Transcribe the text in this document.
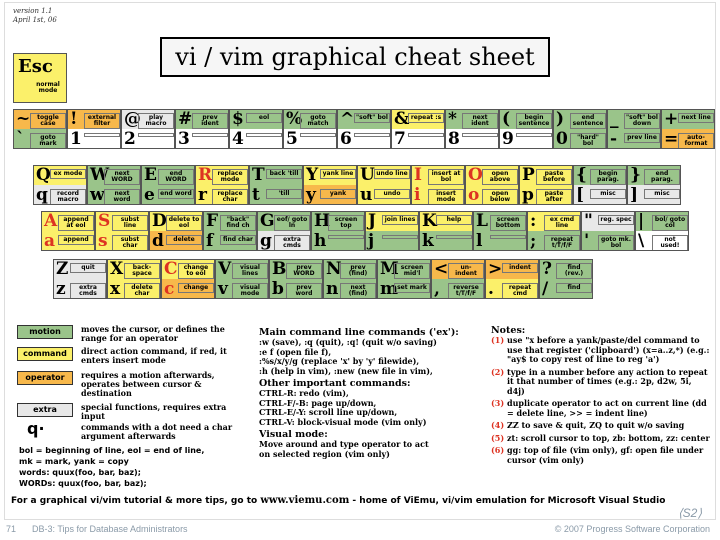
version 1.1
April 1st, 06
vi / vim graphical cheat sheet
~	toggle case
`	goto mark
!	external filter
1
@	play macro
2
#	prev ident
3
$	eol
4
%	goto match
5
^ "soft" bol
6
& repeat :s
7
*	next ident
8
(	begin sentence
9
)	end sentence
0	"hard" bol
_	"soft" bol down
-	prev line
+ next line
=	auto-format
Q ex mode
q	record macro
W next WORD
w	next word
E	end WORD
e end word
R replace mode
r	replace char
T back 'till
t	'till
Y yank line
y	yank
U undo line
u	undo
I	insert at bol
i	insert mode
O	open above
o	open below
P	paste before
p	paste after
{	begin parag.
[	misc
}	end parag.
]	misc
A	append at eol
a	append
S	subst line
s	subst char
D delete to eol
d	delete
F	"back" find ch
f	find char
G eof/ goto ln
g	extra cmds
H screen top
h
J	join lines
j
K	help
k
L	screen bottom
l
:	ex cmd line
;	repeat t/T/f/F
"	reg. spec
'	goto mk. bol
|	bol/ goto col
\	not used!
Z	quit
z	extra cmds
X	back-space
x	delete char
C	change to eol
c	change
V	visual lines
v	visual mode
B	prev WORD
b	prev word
N	prev (find)
n	next (find)
M screen mid'l
m set mark
<	un-indent
,	reverse t/T/f/F
>	indent
.	repeat cmd
?	find (rev.)
/	find
Esc
normal mode
motion	moves the cursor, or defines the range for an operator
command	direct action command, if red, it enters insert mode
operator	requires a motion afterwards, operates between cursor & destination
extra	special functions, requires extra input
q·	commands with a dot need a char argument afterwards
bol = beginning of line, eol = end of line,
mk = mark, yank = copy
words: quux(foo, bar, baz);
WORDs: quux(foo, bar, baz);
Main command line commands ('ex'):
:w (save), :q (quit), :q! (quit w/o saving)
:e f (open file f),
:%s/x/y/g (replace 'x' by 'y' filewide),
:h (help in vim), :new (new file in vim),
Other important commands:
CTRL-R: redo (vim),
CTRL-F/-B: page up/down,
CTRL-E/-Y: scroll line up/down,
CTRL-V: block-visual mode (vim only)
Visual mode:
Move around and type operator to act
on selected region (vim only)
Notes:
(1) use "x before a yank/paste/del command to use that register ('clipboard') (x=a..z,*) (e.g.: "ay$ to copy rest of line to reg 'a')
(2) type in a number before any action to repeat it that number of times (e.g.: 2p, d2w, 5i, d4j)
(3) duplicate operator to act on current line (dd = delete line, >> = indent line)
(4) ZZ to save & quit, ZQ to quit w/o saving
(5) zt: scroll cursor to top, zb: bottom, zz: center
(6) gg: top of file (vim only), gf: open file under cursor (vim only)
For a graphical vi/vim tutorial & more tips, go to www.viemu.com - home of ViEmu, vi/vim emulation for Microsoft Visual Studio
71 DB-3: Tips for Database Administrators	© 2007 Progress Software Corporation
⟨S2⟩
